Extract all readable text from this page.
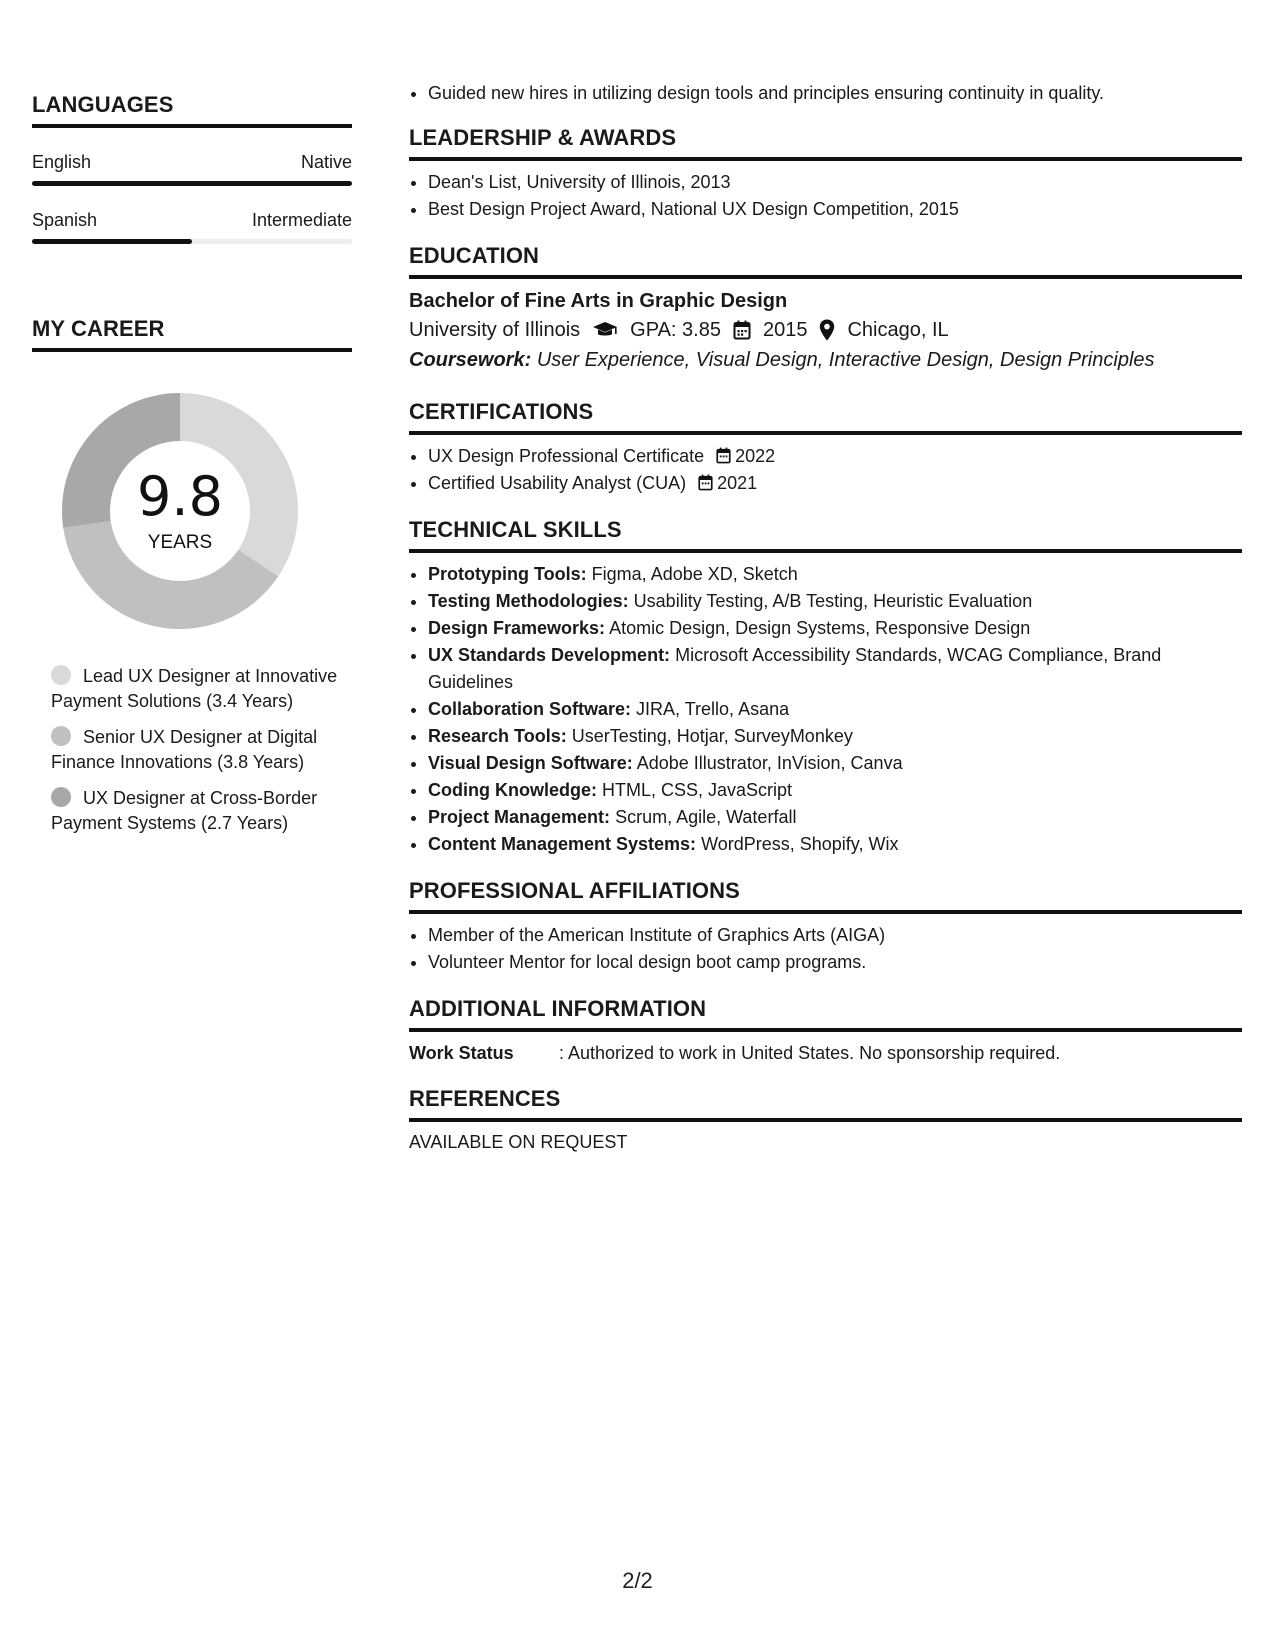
LANGUAGES
English	Native
Spanish	Intermediate
MY CAREER
9.8
YEARS
Lead UX Designer at Innovative Payment Solutions (3.4 Years)
Senior UX Designer at Digital Finance Innovations (3.8 Years)
UX Designer at Cross-Border Payment Systems (2.7 Years)
• Guided new hires in utilizing design tools and principles ensuring continuity in quality.
LEADERSHIP & AWARDS
• Dean's List, University of Illinois, 2013
• Best Design Project Award, National UX Design Competition, 2015
EDUCATION
Bachelor of Fine Arts in Graphic Design
University of Illinois	GPA: 3.85 2015 Chicago, IL
Coursework: User Experience, Visual Design, Interactive Design, Design Principles
CERTIFICATIONS
• UX Design Professional Certificate 2022
• Certified Usability Analyst (CUA) 2021
TECHNICAL SKILLS
• Prototyping Tools: Figma, Adobe XD, Sketch
• Testing Methodologies: Usability Testing, A/B Testing, Heuristic Evaluation
• Design Frameworks: Atomic Design, Design Systems, Responsive Design
• UX Standards Development: Microsoft Accessibility Standards, WCAG Compliance, Brand Guidelines
• Collaboration Software: JIRA, Trello, Asana
• Research Tools: UserTesting, Hotjar, SurveyMonkey
• Visual Design Software: Adobe Illustrator, InVision, Canva
• Coding Knowledge: HTML, CSS, JavaScript
• Project Management: Scrum, Agile, Waterfall
• Content Management Systems: WordPress, Shopify, Wix
PROFESSIONAL AFFILIATIONS
• Member of the American Institute of Graphics Arts (AIGA)
• Volunteer Mentor for local design boot camp programs.
ADDITIONAL INFORMATION
Work Status	: Authorized to work in United States. No sponsorship required.
REFERENCES
AVAILABLE ON REQUEST
2/2
